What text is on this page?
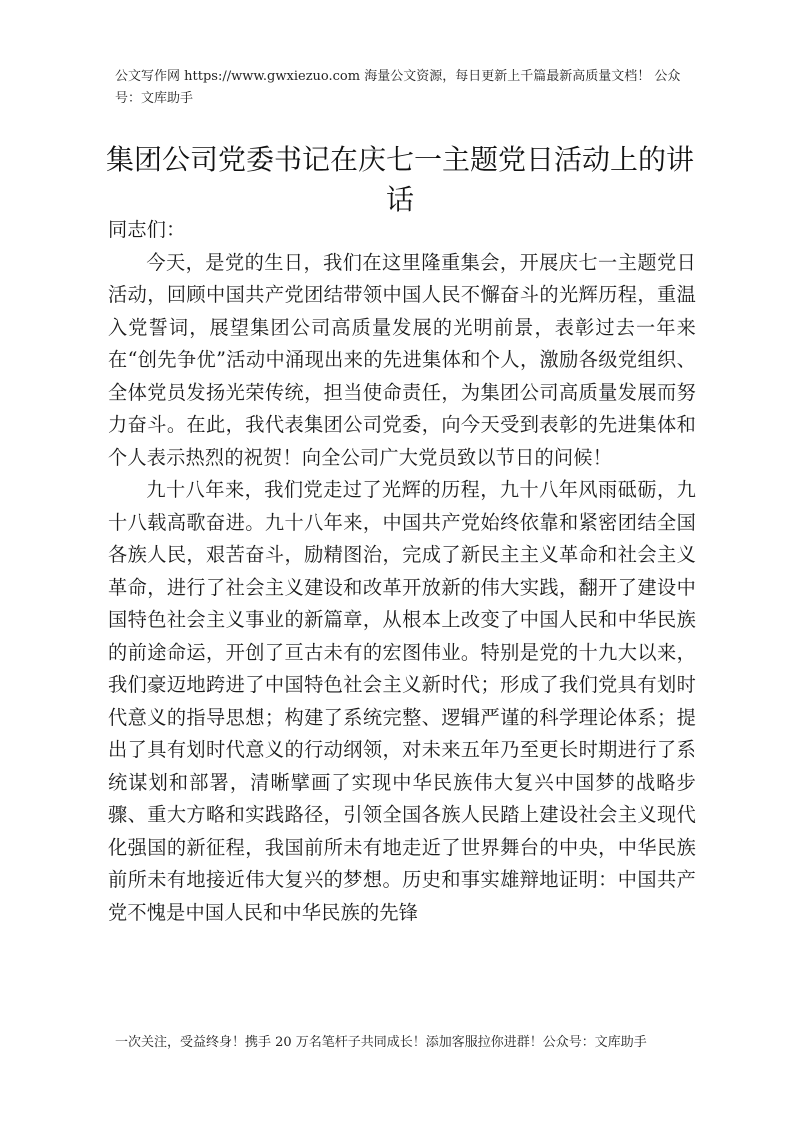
公文写作网 https://www.gwxiezuo.com 海量公文资源，每日更新上千篇最新高质量文档！ 公众号：文库助手
集团公司党委书记在庆七一主题党日活动上的讲话

同志们：

今天，是党的生日，我们在这里隆重集会，开展庆七一主题党日活动，回顾中国共产党团结带领中国人民不懈奋斗的光辉历程，重温入党誓词，展望集团公司高质量发展的光明前景，表彰过去一年来在“创先争优”活动中涌现出来的先进集体和个人，激励各级党组织、全体党员发扬光荣传统，担当使命责任，为集团公司高质量发展而努力奋斗。在此，我代表集团公司党委，向今天受到表彰的先进集体和个人表示热烈的祝贺！向全公司广大党员致以节日的问候！

九十八年来，我们党走过了光辉的历程，九十八年风雨砥砺，九十八载高歌奋进。九十八年来，中国共产党始终依靠和紧密团结全国各族人民，艰苦奋斗，励精图治，完成了新民主主义革命和社会主义革命，进行了社会主义建设和改革开放新的伟大实践，翻开了建设中国特色社会主义事业的新篇章，从根本上改变了中国人民和中华民族的前途命运，开创了亘古未有的宏图伟业。特别是党的十九大以来，我们豪迈地跨进了中国特色社会主义新时代；形成了我们党具有划时代意义的指导思想；构建了系统完整、逻辑严谨的科学理论体系；提出了具有划时代意义的行动纲领，对未来五年乃至更长时期进行了系统谋划和部署，清晰擘画了实现中华民族伟大复兴中国梦的战略步骤、重大方略和实践路径，引领全国各族人民踏上建设社会主义现代化强国的新征程，我国前所未有地走近了世界舞台的中央，中华民族前所未有地接近伟大复兴的梦想。历史和事实雄辩地证明：中国共产党不愧是中国人民和中华民族的先锋

一次关注，受益终身！携手 20 万名笔杆子共同成长！添加客服拉你进群！公众号：文库助手
